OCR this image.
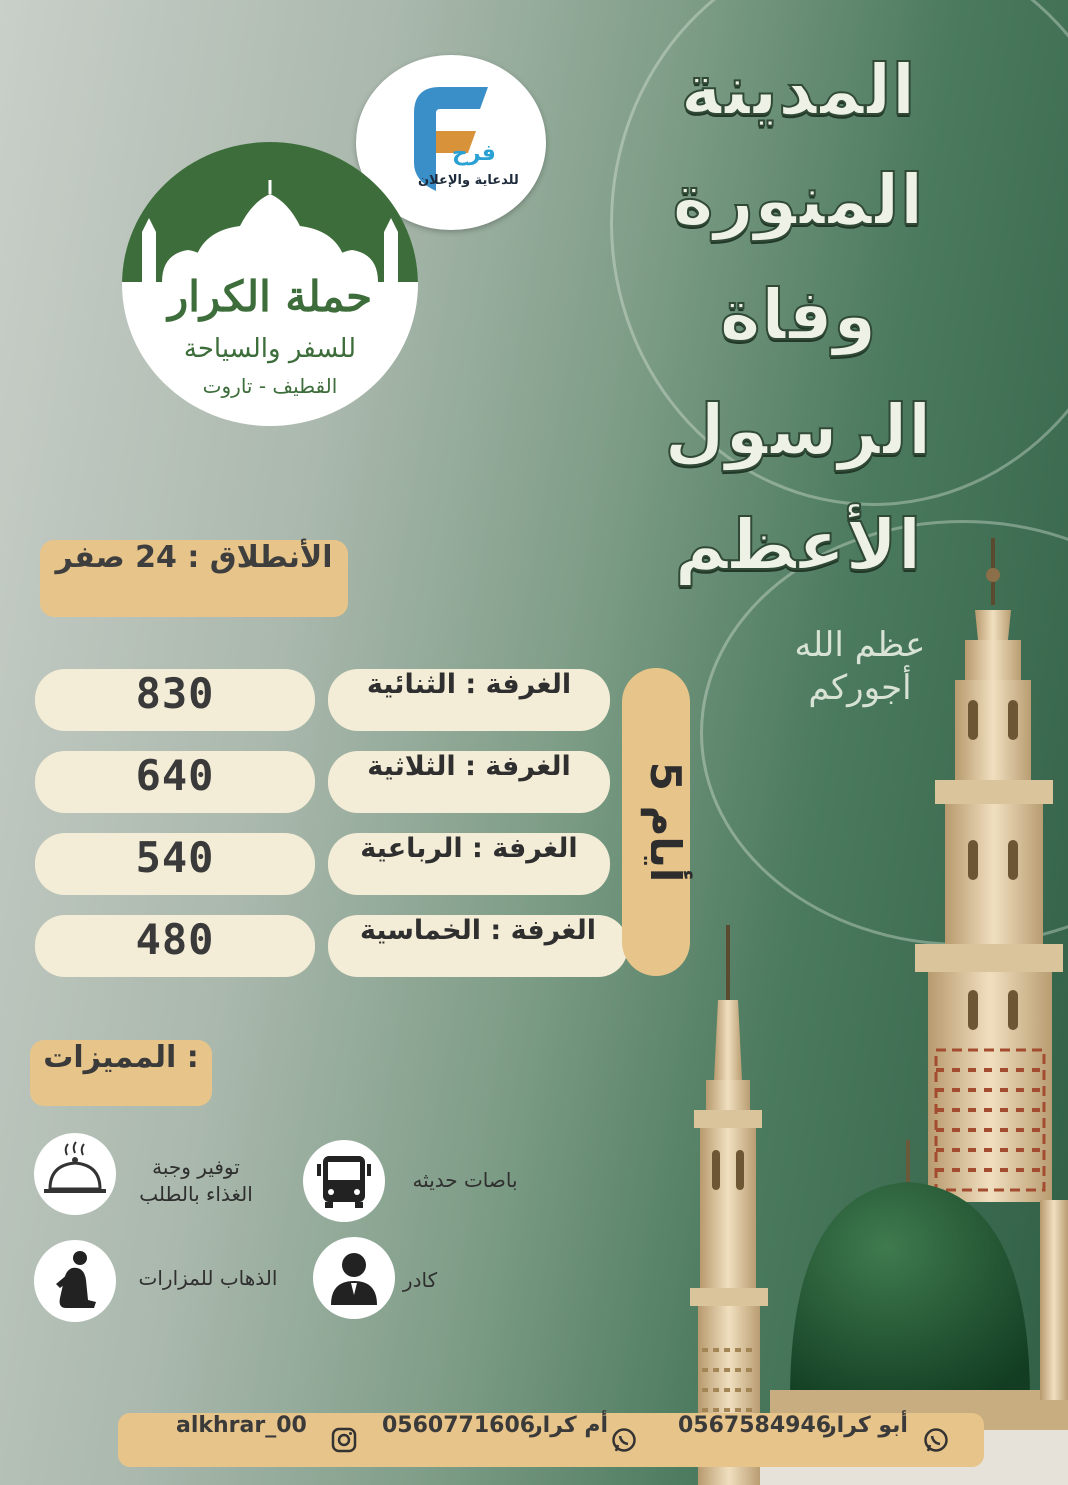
فرح
للدعاية والإعلان
حملة الكرار
للسفر والسياحة
القطيف - تاروت
المدينة
المنورة
وفاة
الرسول
الأعظم
عظم الله
أجوركم
الأنطلاق : 24 صفر
الغرفة : الثنائية
830
الغرفة : الثلاثية
640
الغرفة : الرباعية
540
الغرفة : الخماسية
480
5 أيام
المميزات :
توفير وجبة
الغذاء بالطلب
باصات حديثه
الذهاب للمزارات	كادر
alkhrar_00	0560771606
أم كرار	0567584946
أبو كرار
